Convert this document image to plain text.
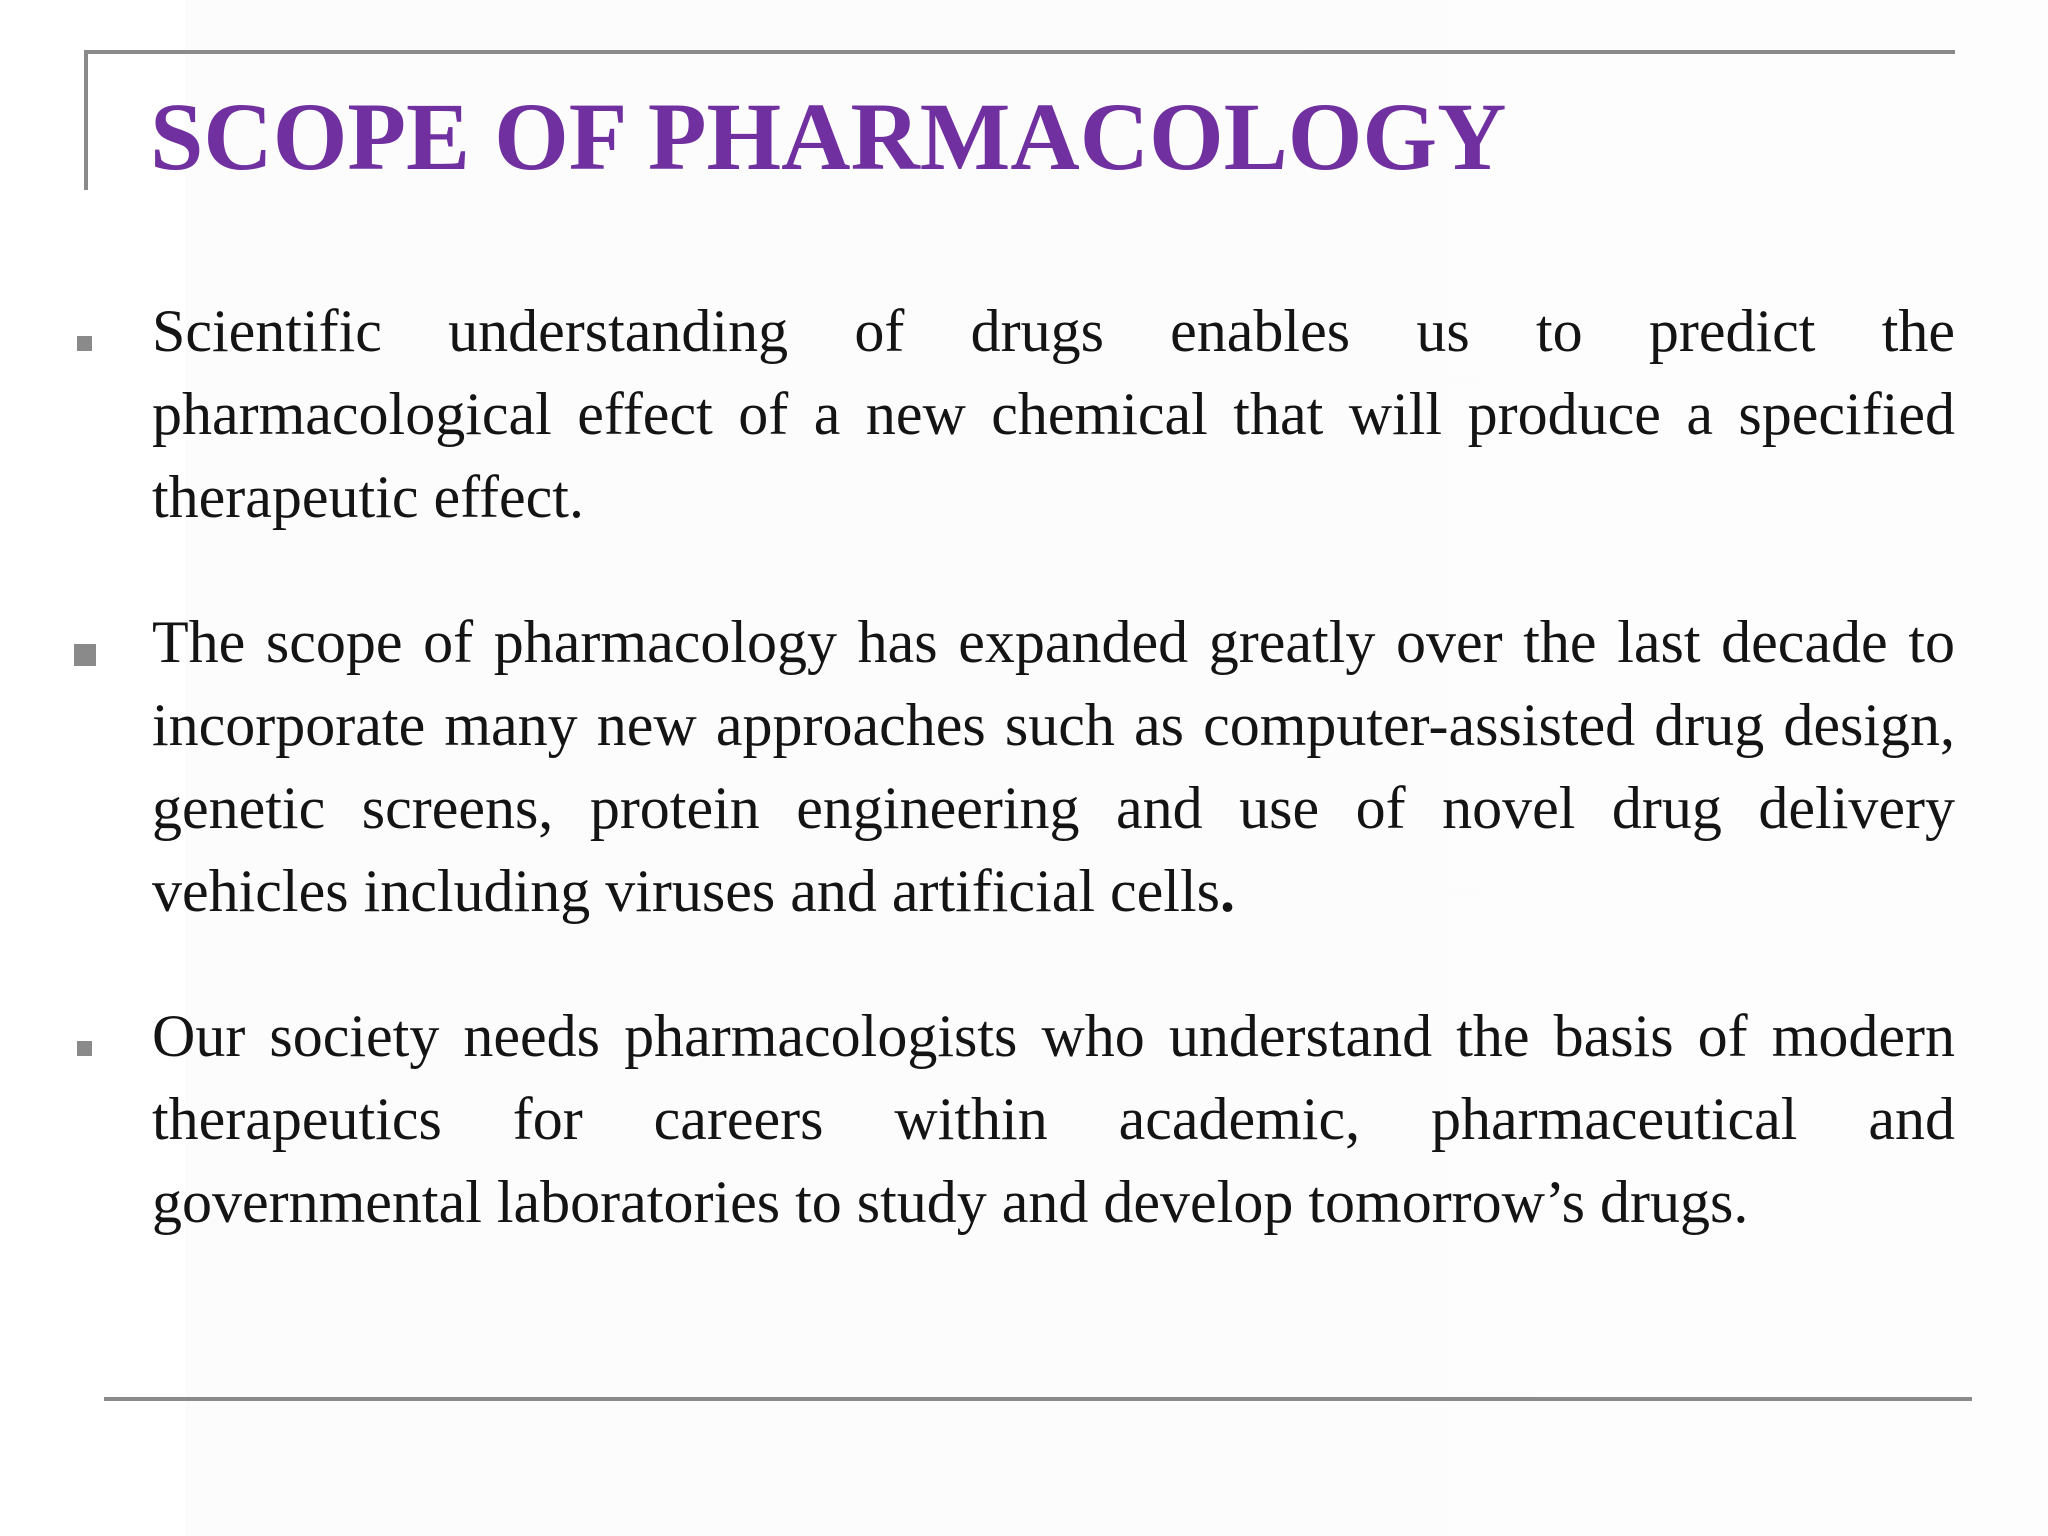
SCOPE OF PHARMACOLOGY

Scientific understanding of drugs enables us to predict the pharmacological effect of a new chemical that will produce a specified therapeutic effect.

The scope of pharmacology has expanded greatly over the last decade to incorporate many new approaches such as computer-assisted drug design, genetic screens, protein engineering and use of novel drug delivery vehicles including viruses and artificial cells.

Our society needs pharmacologists who understand the basis of modern therapeutics for careers within academic, pharmaceutical and governmental laboratories to study and develop tomorrow’s drugs.
